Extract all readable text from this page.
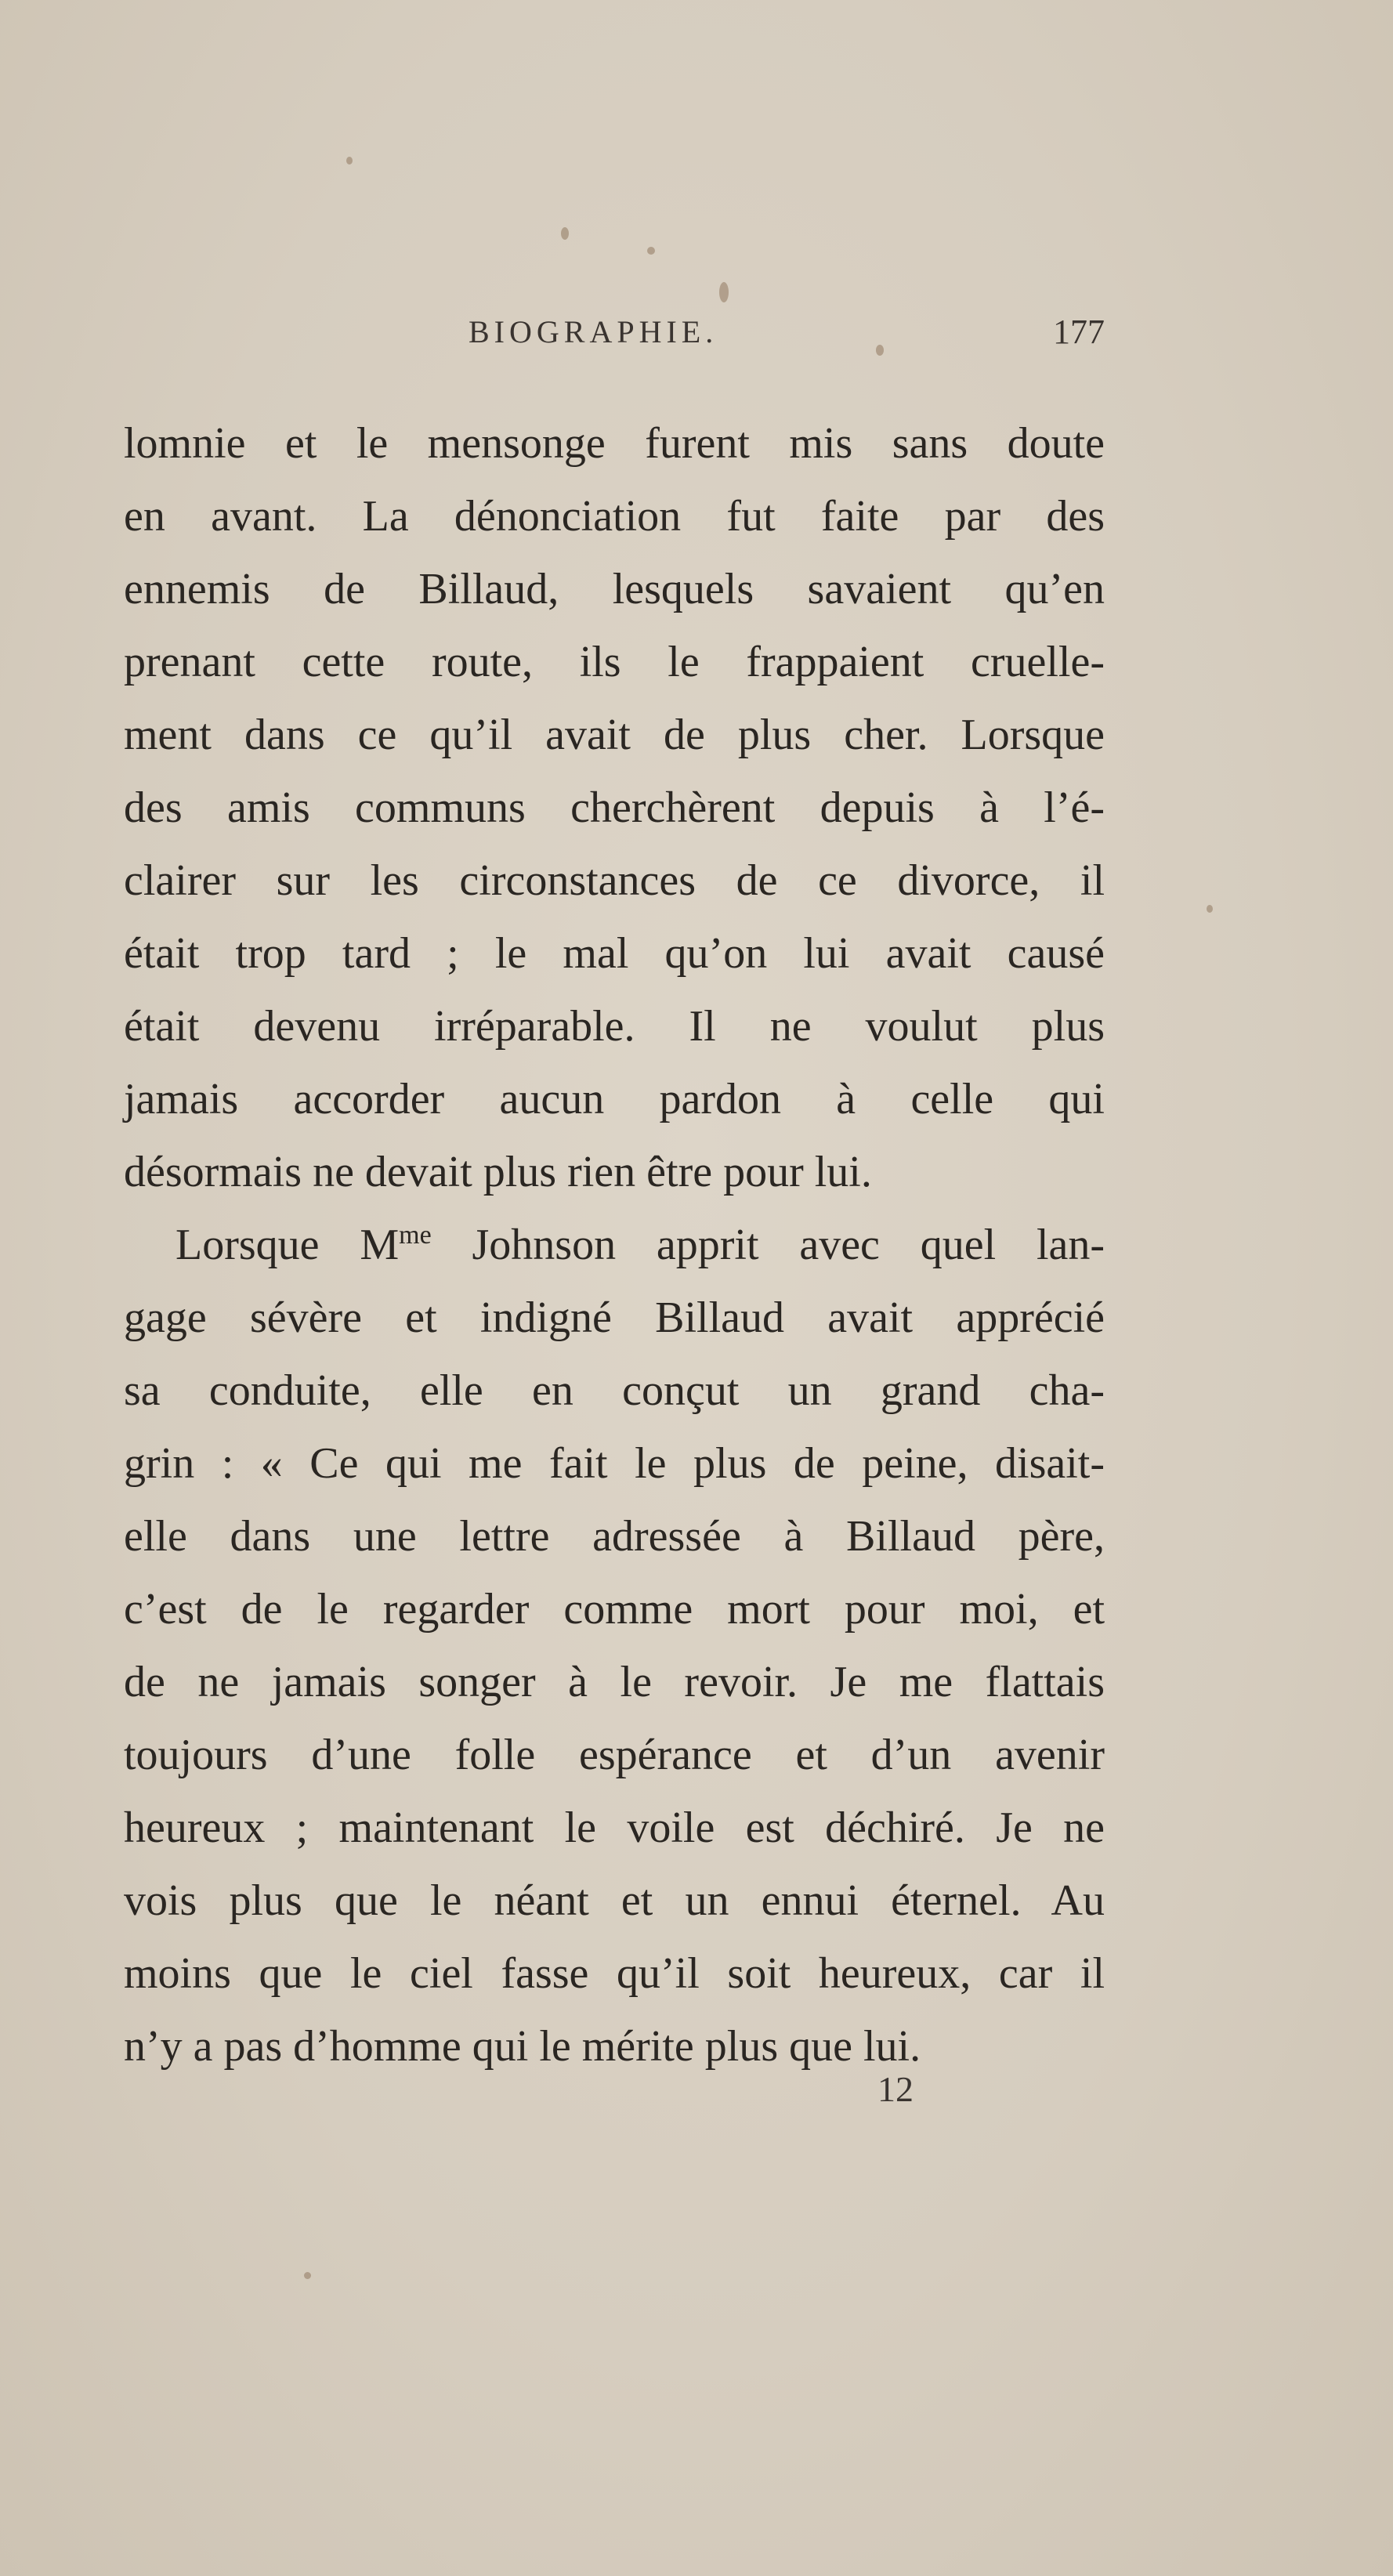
BIOGRAPHIE.	177
lomnie et le mensonge furent mis sans doute
en avant. La dénonciation fut faite par des
ennemis de Billaud, lesquels savaient qu’en
prenant cette route, ils le frappaient cruelle-
ment dans ce qu’il avait de plus cher. Lorsque
des amis communs cherchèrent depuis à l’é-
clairer sur les circonstances de ce divorce, il
était trop tard ; le mal qu’on lui avait causé
était devenu irréparable. Il ne voulut plus
jamais accorder aucun pardon à celle qui
désormais ne devait plus rien être pour lui.
Lorsque $M^{me}$ Johnson apprit avec quel lan-
gage sévère et indigné Billaud avait apprécié
sa conduite, elle en conçut un grand cha-
grin : « Ce qui me fait le plus de peine, disait-
elle dans une lettre adressée à Billaud père,
c’est de le regarder comme mort pour moi, et
de ne jamais songer à le revoir. Je me flattais
toujours d’une folle espérance et d’un avenir
heureux ; maintenant le voile est déchiré. Je ne
vois plus que le néant et un ennui éternel. Au
moins que le ciel fasse qu’il soit heureux, car il
n’y a pas d’homme qui le mérite plus que lui.
12
